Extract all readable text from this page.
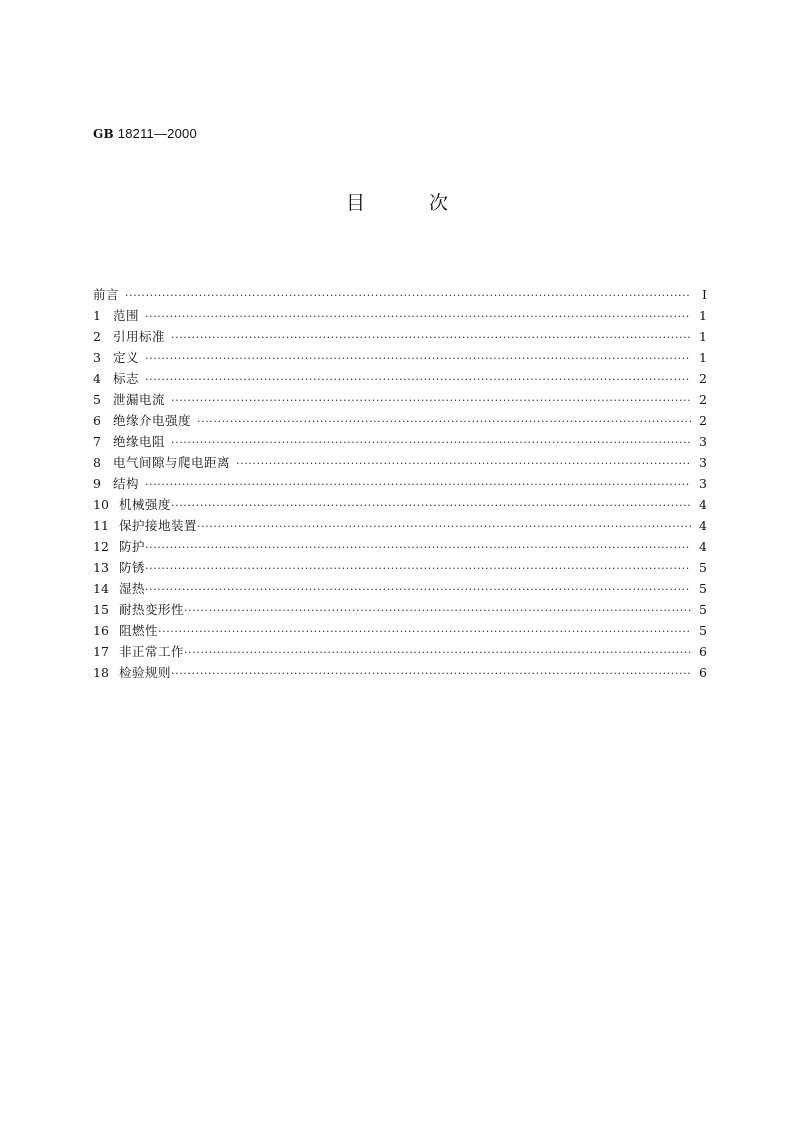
GB 18211—2000
目	次
前言 ·····	I
1 范围 ·····	1
2 引用标准 ·····	1
3 定义 ·····	1
4 标志 ·····	2
5 泄漏电流 ·····	2
6 绝缘介电强度 ·····	2
7 绝缘电阻 ·····	3
8 电气间隙与爬电距离 ·····	3
9 结构 ·····	3
10 机械强度 ·····	4
11 保护接地装置 ·····	4
12 防护 ·····	4
13 防锈 ·····	5
14 湿热 ·····	5
15 耐热变形性 ·····	5
16 阻燃性 ·····	5
17 非正常工作 ·····	6
18 检验规则 ·····	6
